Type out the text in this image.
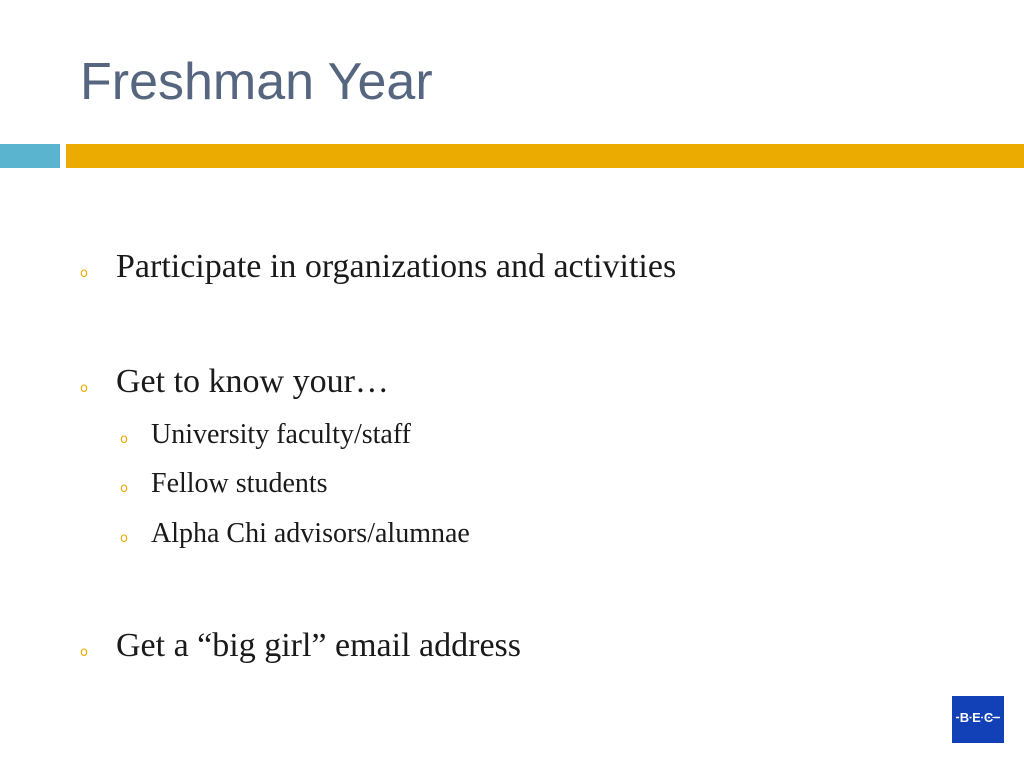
Freshman Year
o Participate in organizations and activities
o Get to know your…
o University faculty/staff
o Fellow students
o Alpha Chi advisors/alumnae
o Get a “big girl” email address
BEC
